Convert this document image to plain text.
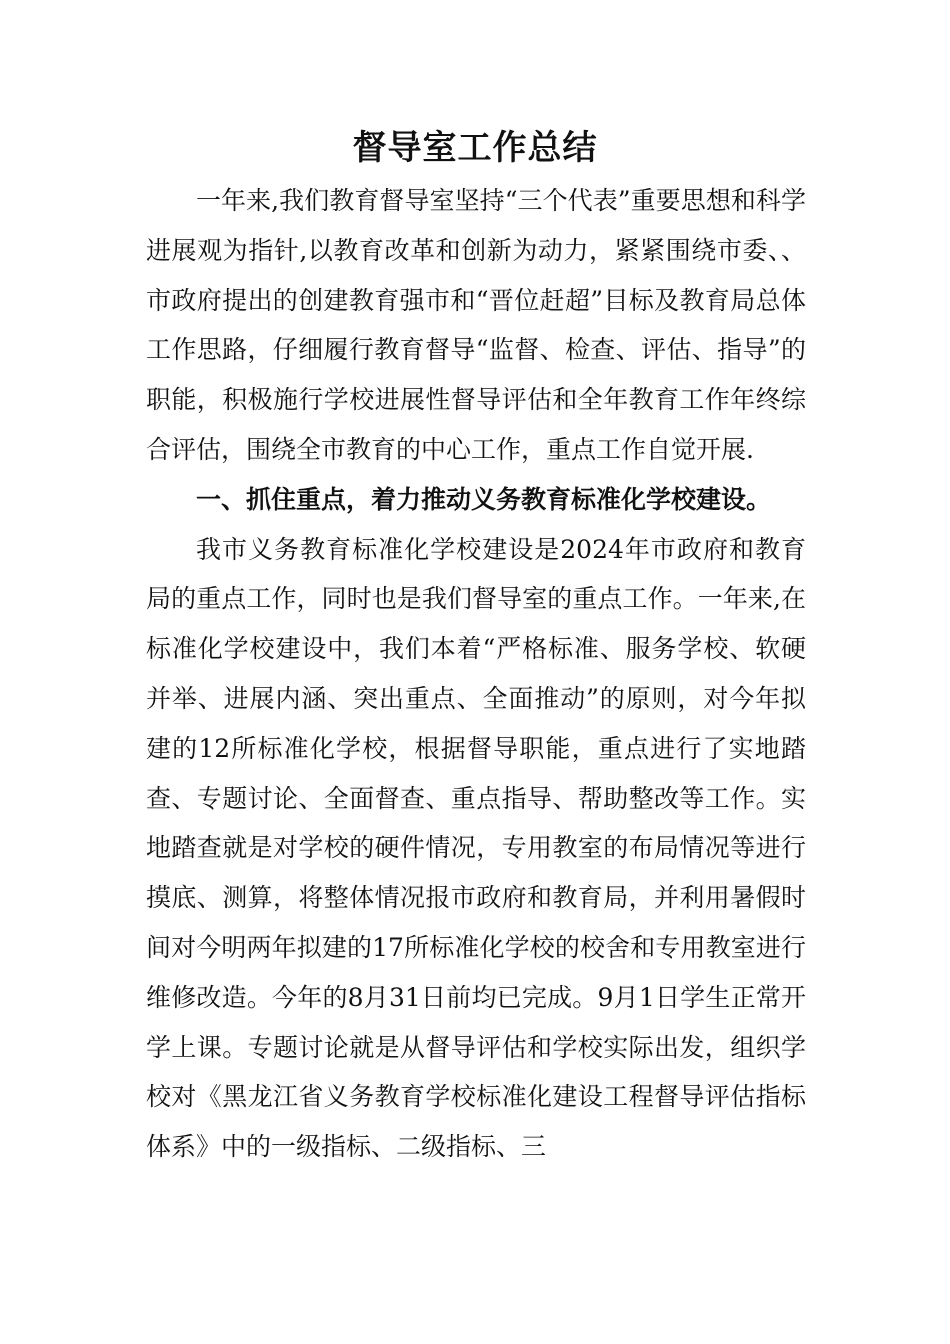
督导室工作总结

一年来,我们教育督导室坚持“三个代表”重要思想和科学进展观为指针,以教育改革和创新为动力，紧紧围绕市委、、市政府提出的创建教育强市和“晋位赶超”目标及教育局总体工作思路，仔细履行教育督导“监督、检查、评估、指导”的职能，积极施行学校进展性督导评估和全年教育工作年终综合评估，围绕全市教育的中心工作，重点工作自觉开展.

一、抓住重点，着力推动义务教育标准化学校建设。

我市义务教育标准化学校建设是2024年市政府和教育局的重点工作，同时也是我们督导室的重点工作。一年来,在标准化学校建设中，我们本着“严格标准、服务学校、软硬并举、进展内涵、突出重点、全面推动”的原则，对今年拟建的12所标准化学校，根据督导职能，重点进行了实地踏查、专题讨论、全面督查、重点指导、帮助整改等工作。实地踏查就是对学校的硬件情况，专用教室的布局情况等进行摸底、测算，将整体情况报市政府和教育局，并利用暑假时间对今明两年拟建的17所标准化学校的校舍和专用教室进行维修改造。今年的8月31日前均已完成。9月1日学生正常开学上课。专题讨论就是从督导评估和学校实际出发，组织学校对《黑龙江省义务教育学校标准化建设工程督导评估指标体系》中的一级指标、二级指标、三
